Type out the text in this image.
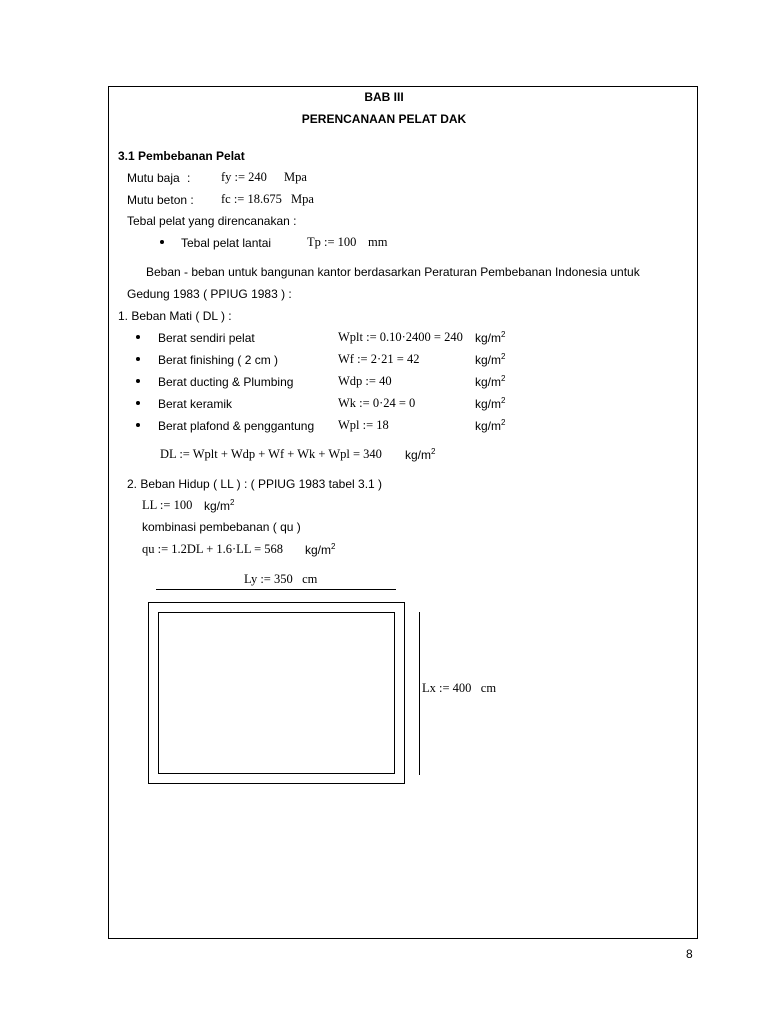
BAB III
PERENCANAAN PELAT DAK
3.1 Pembebanan Pelat
Mutu baja : fy := 240 Mpa
Mutu beton : fc := 18.675 Mpa
Tebal pelat yang direncanakan :
Tebal pelat lantai	Tp := 100 mm
Beban - beban untuk bangunan kantor berdasarkan Peraturan Pembebanan Indonesia untuk
Gedung 1983 ( PPIUG 1983 ) :
1. Beban Mati ( DL ) :
Berat sendiri pelat	Wplt := 0.10·2400 = 240 $kg/m^2$
Berat finishing ( 2 cm )	Wf := 2·21 = 42	$kg/m^2$
Berat ducting & Plumbing	Wdp := 40	$kg/m^2$
Berat keramik	Wk := 0·24 = 0	$kg/m^2$
Berat plafond & penggantung Wpl := 18	$kg/m^2$
DL := Wplt + Wdp + Wf + Wk + Wpl = 340 $kg/m^2$
2. Beban Hidup ( LL ) : ( PPIUG 1983 tabel 3.1 )
LL := 100 $kg/m^2$
kombinasi pembebanan ( qu )
qu := 1.2DL + 1.6·LL = 568 $kg/m^2$
Ly := 350 cm
Lx := 400 cm
8
